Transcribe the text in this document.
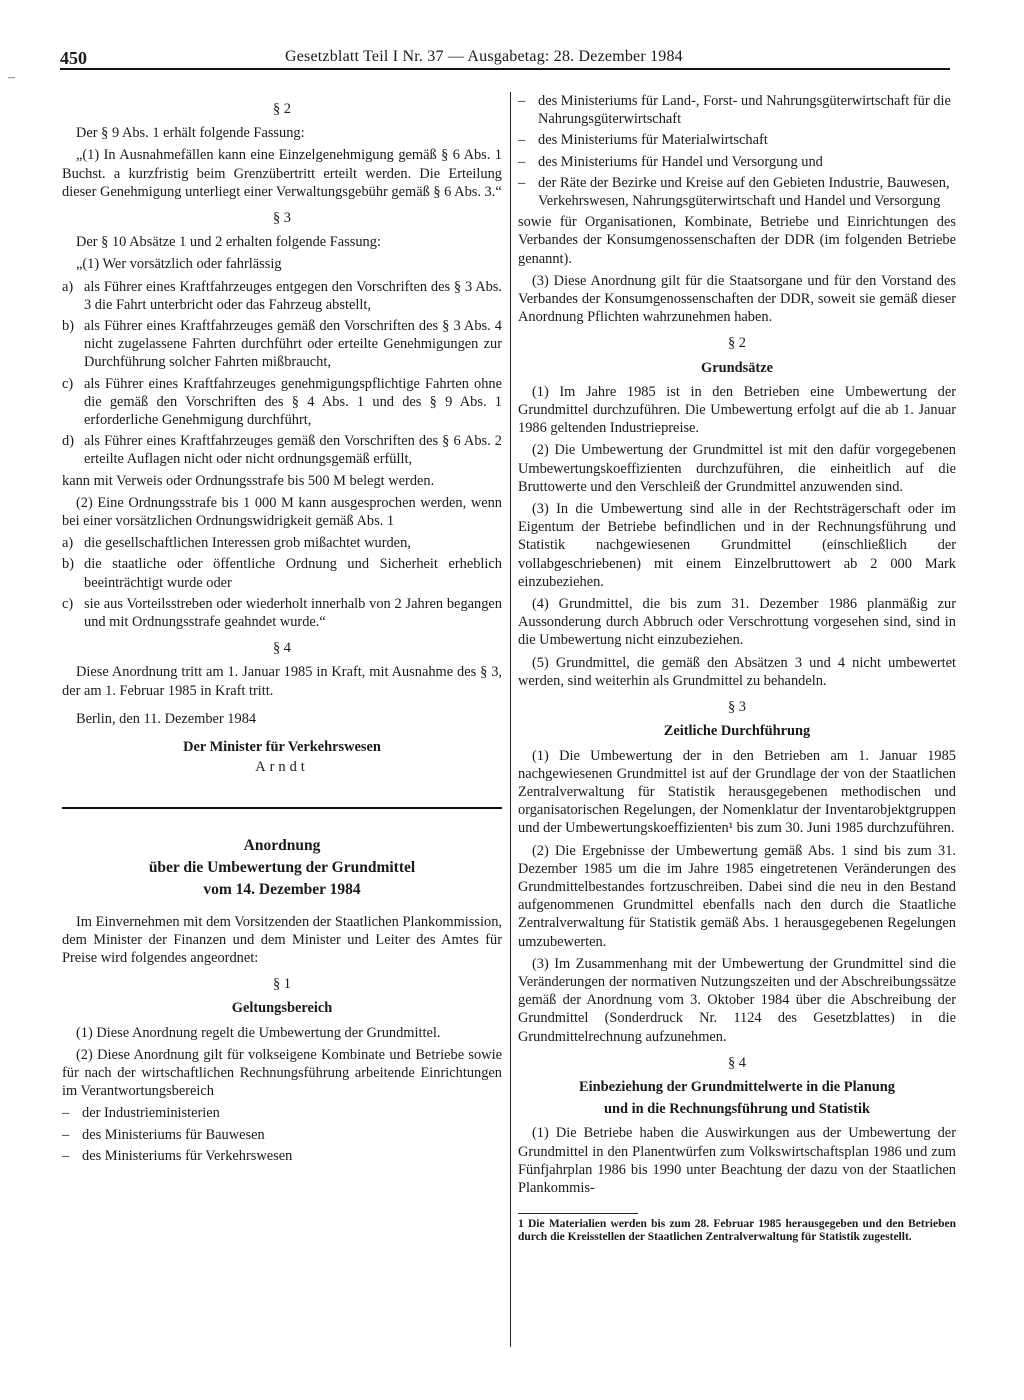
–
450	Gesetzblatt Teil I Nr. 37 — Ausgabetag: 28. Dezember 1984

§ 2

Der § 9 Abs. 1 erhält folgende Fassung:

„(1) In Ausnahmefällen kann eine Einzelgenehmigung gemäß § 6 Abs. 1 Buchst. a kurzfristig beim Grenzübertritt erteilt werden. Die Erteilung dieser Genehmigung unterliegt einer Verwaltungsgebühr gemäß § 6 Abs. 3.“

§ 3

Der § 10 Absätze 1 und 2 erhalten folgende Fassung:

„(1) Wer vorsätzlich oder fahrlässig

a) als Führer eines Kraftfahrzeuges entgegen den Vorschriften des § 3 Abs. 3 die Fahrt unterbricht oder das Fahrzeug abstellt,
b) als Führer eines Kraftfahrzeuges gemäß den Vorschriften des § 3 Abs. 4 nicht zugelassene Fahrten durchführt oder erteilte Genehmigungen zur Durchführung solcher Fahrten mißbraucht,
c) als Führer eines Kraftfahrzeuges genehmigungspflichtige Fahrten ohne die gemäß den Vorschriften des § 4 Abs. 1 und des § 9 Abs. 1 erforderliche Genehmigung durchführt,
d) als Führer eines Kraftfahrzeuges gemäß den Vorschriften des § 6 Abs. 2 erteilte Auflagen nicht oder nicht ordnungsgemäß erfüllt,

kann mit Verweis oder Ordnungsstrafe bis 500 M belegt werden.

(2) Eine Ordnungsstrafe bis 1 000 M kann ausgesprochen werden, wenn bei einer vorsätzlichen Ordnungswidrigkeit gemäß Abs. 1

a) die gesellschaftlichen Interessen grob mißachtet wurden,
b) die staatliche oder öffentliche Ordnung und Sicherheit erheblich beeinträchtigt wurde oder
c) sie aus Vorteilsstreben oder wiederholt innerhalb von 2 Jahren begangen und mit Ordnungsstrafe geahndet wurde.“

§ 4

Diese Anordnung tritt am 1. Januar 1985 in Kraft, mit Ausnahme des § 3, der am 1. Februar 1985 in Kraft tritt.

Berlin, den 11. Dezember 1984

Der Minister für Verkehrswesen

Arndt

Anordnung

über die Umbewertung der Grundmittel

vom 14. Dezember 1984

Im Einvernehmen mit dem Vorsitzenden der Staatlichen Plankommission, dem Minister der Finanzen und dem Minister und Leiter des Amtes für Preise wird folgendes angeordnet:

§ 1

Geltungsbereich

(1) Diese Anordnung regelt die Umbewertung der Grundmittel.

(2) Diese Anordnung gilt für volkseigene Kombinate und Betriebe sowie für nach der wirtschaftlichen Rechnungsführung arbeitende Einrichtungen im Verantwortungsbereich

– der Industrieministerien
– des Ministeriums für Bauwesen
– des Ministeriums für Verkehrswesen
– des Ministeriums für Land-, Forst- und Nahrungsgüterwirtschaft für die Nahrungsgüterwirtschaft
– des Ministeriums für Materialwirtschaft
– des Ministeriums für Handel und Versorgung und
– der Räte der Bezirke und Kreise auf den Gebieten Industrie, Bauwesen, Verkehrswesen, Nahrungsgüterwirtschaft und Handel und Versorgung

sowie für Organisationen, Kombinate, Betriebe und Einrichtungen des Verbandes der Konsumgenossenschaften der DDR (im folgenden Betriebe genannt).

(3) Diese Anordnung gilt für die Staatsorgane und für den Vorstand des Verbandes der Konsumgenossenschaften der DDR, soweit sie gemäß dieser Anordnung Pflichten wahrzunehmen haben.

§ 2

Grundsätze

(1) Im Jahre 1985 ist in den Betrieben eine Umbewertung der Grundmittel durchzuführen. Die Umbewertung erfolgt auf die ab 1. Januar 1986 geltenden Industriepreise.

(2) Die Umbewertung der Grundmittel ist mit den dafür vorgegebenen Umbewertungskoeffizienten durchzuführen, die einheitlich auf die Bruttowerte und den Verschleiß der Grundmittel anzuwenden sind.

(3) In die Umbewertung sind alle in der Rechtsträgerschaft oder im Eigentum der Betriebe befindlichen und in der Rechnungsführung und Statistik nachgewiesenen Grundmittel (einschließlich der vollabgeschriebenen) mit einem Einzelbruttowert ab 2 000 Mark einzubeziehen.

(4) Grundmittel, die bis zum 31. Dezember 1986 planmäßig zur Aussonderung durch Abbruch oder Verschrottung vorgesehen sind, sind in die Umbewertung nicht einzubeziehen.

(5) Grundmittel, die gemäß den Absätzen 3 und 4 nicht umbewertet werden, sind weiterhin als Grundmittel zu behandeln.

§ 3

Zeitliche Durchführung

(1) Die Umbewertung der in den Betrieben am 1. Januar 1985 nachgewiesenen Grundmittel ist auf der Grundlage der von der Staatlichen Zentralverwaltung für Statistik herausgegebenen methodischen und organisatorischen Regelungen, der Nomenklatur der Inventarobjektgruppen und der Umbewertungskoeffizienten¹ bis zum 30. Juni 1985 durchzuführen.

(2) Die Ergebnisse der Umbewertung gemäß Abs. 1 sind bis zum 31. Dezember 1985 um die im Jahre 1985 eingetretenen Veränderungen des Grundmittelbestandes fortzuschreiben. Dabei sind die neu in den Bestand aufgenommenen Grundmittel ebenfalls nach den durch die Staatliche Zentralverwaltung für Statistik gemäß Abs. 1 herausgegebenen Regelungen umzubewerten.

(3) Im Zusammenhang mit der Umbewertung der Grundmittel sind die Veränderungen der normativen Nutzungszeiten und der Abschreibungssätze gemäß der Anordnung vom 3. Oktober 1984 über die Abschreibung der Grundmittel (Sonderdruck Nr. 1124 des Gesetzblattes) in die Grundmittelrechnung aufzunehmen.

§ 4

Einbeziehung der Grundmittelwerte in die Planung

und in die Rechnungsführung und Statistik

(1) Die Betriebe haben die Auswirkungen aus der Umbewertung der Grundmittel in den Planentwürfen zum Volkswirtschaftsplan 1986 und zum Fünfjahrplan 1986 bis 1990 unter Beachtung der dazu von der Staatlichen Plankommis-

1 Die Materialien werden bis zum 28. Februar 1985 herausgegeben und den Betrieben durch die Kreisstellen der Staatlichen Zentralverwaltung für Statistik zugestellt.
